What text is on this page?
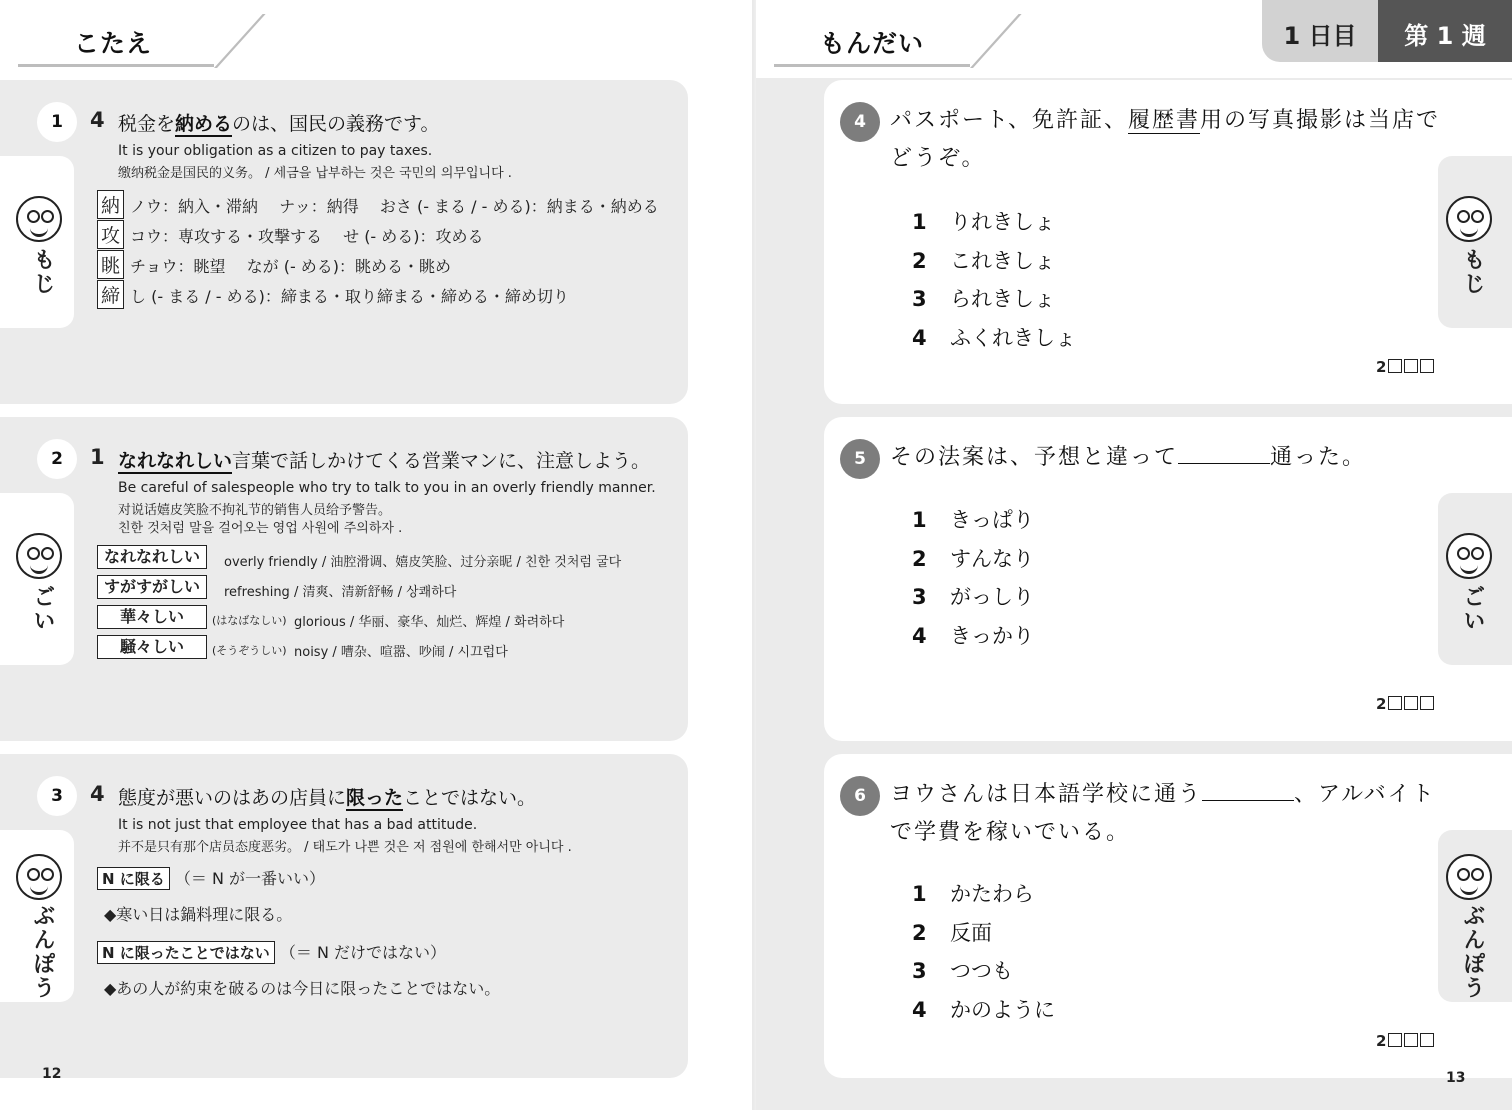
こたえ
1	4 税金を納めるのは、国民の義務です。
It is your obligation as a citizen to pay taxes.
缴纳税金是国民的义务。 / 세금을 납부하는 것은 국민의 의무입니다 .
納 ノウ：納入・滞納　 ナッ：納得　 おさ (- まる / - める)：納まる・納める
攻 コウ：専攻する・攻撃する　 せ (- める)：攻める
眺 チョウ：眺望　 なが (- める)：眺める・眺め
締 し (- まる / - める)：締まる・取り締まる・締める・締め切り
もじ
2	1 なれなれしい言葉で話しかけてくる営業マンに、注意しよう。
Be careful of salespeople who try to talk to you in an overly friendly manner.
对说话嬉皮笑脸不拘礼节的销售人员给予警告。
친한 것처럼 말을 걸어오는 영업 사원에 주의하자 .
なれなれしい	overly friendly / 油腔滑调、嬉皮笑脸、过分亲昵 / 친한 것처럼 굴다
すがすがしい	refreshing / 清爽、清新舒畅 / 상쾌하다
華々しい	(はなばなしい) glorious / 华丽、豪华、灿烂、辉煌 / 화려하다
騒々しい	(そうぞうしい) noisy / 嘈杂、喧嚣、吵闹 / 시끄럽다
ごい
3	4 態度が悪いのはあの店員に限ったことではない。
It is not just that employee that has a bad attitude.
并不是只有那个店员态度恶劣。 / 태도가 나쁜 것은 저 점원에 한해서만 아니다 .
N に限る （＝ N が一番いい）
◆寒い日は鍋料理に限る。
N に限ったことではない （＝ N だけではない）
◆あの人が約束を破るのは今日に限ったことではない。
ぶんぽう
12
もんだい	1 日目	第 1 週
4	パスポート、免許証、履歴書用の写真撮影は当店で
どうぞ。
1 りれきしょ
2 これきしょ
3 られきしょ
4 ふくれきしょ
2
もじ
5	その法案は、予想と違って	通った。
1 きっぱり
2 すんなり
3 がっしり
4 きっかり
2
ごい
6	ヨウさんは日本語学校に通う	、アルバイト
で学費を稼いでいる。
1 かたわら
2 反面
3 つつも
4 かのように
2
ぶんぽう
13
